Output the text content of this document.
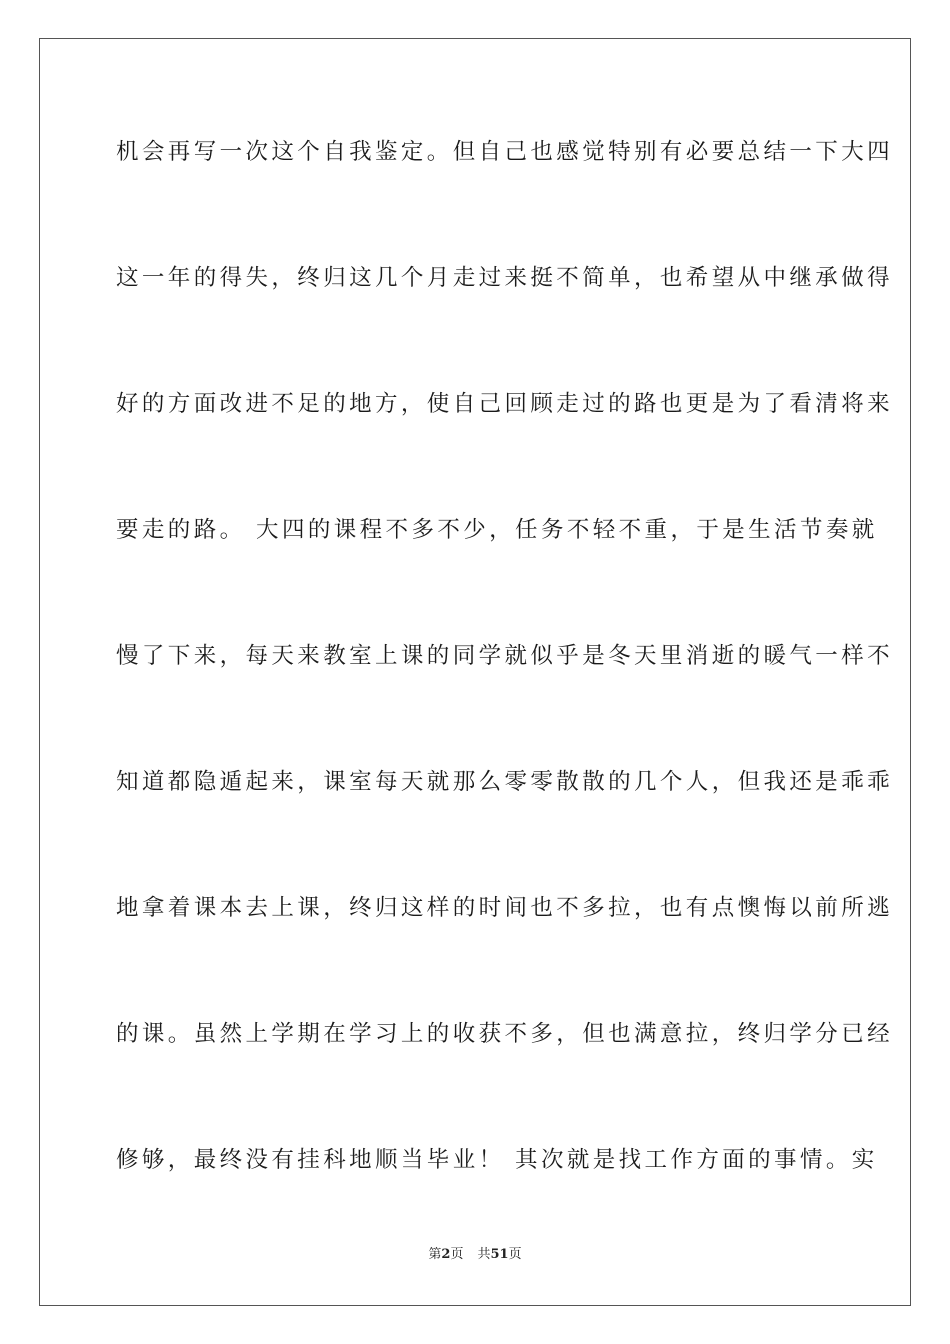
机会再写一次这个自我鉴定。但自己也感觉特别有必要总结一下大四
这一年的得失，终归这几个月走过来挺不简单，也希望从中继承做得
好的方面改进不足的地方，使自己回顾走过的路也更是为了看清将来
要走的路。 大四的课程不多不少，任务不轻不重，于是生活节奏就
慢了下来，每天来教室上课的同学就似乎是冬天里消逝的暖气一样不
知道都隐遁起来，课室每天就那么零零散散的几个人，但我还是乖乖
地拿着课本去上课，终归这样的时间也不多拉，也有点懊悔以前所逃
的课。虽然上学期在学习上的收获不多，但也满意拉，终归学分已经
修够，最终没有挂科地顺当毕业！ 其次就是找工作方面的事情。实
第2页 共51页
